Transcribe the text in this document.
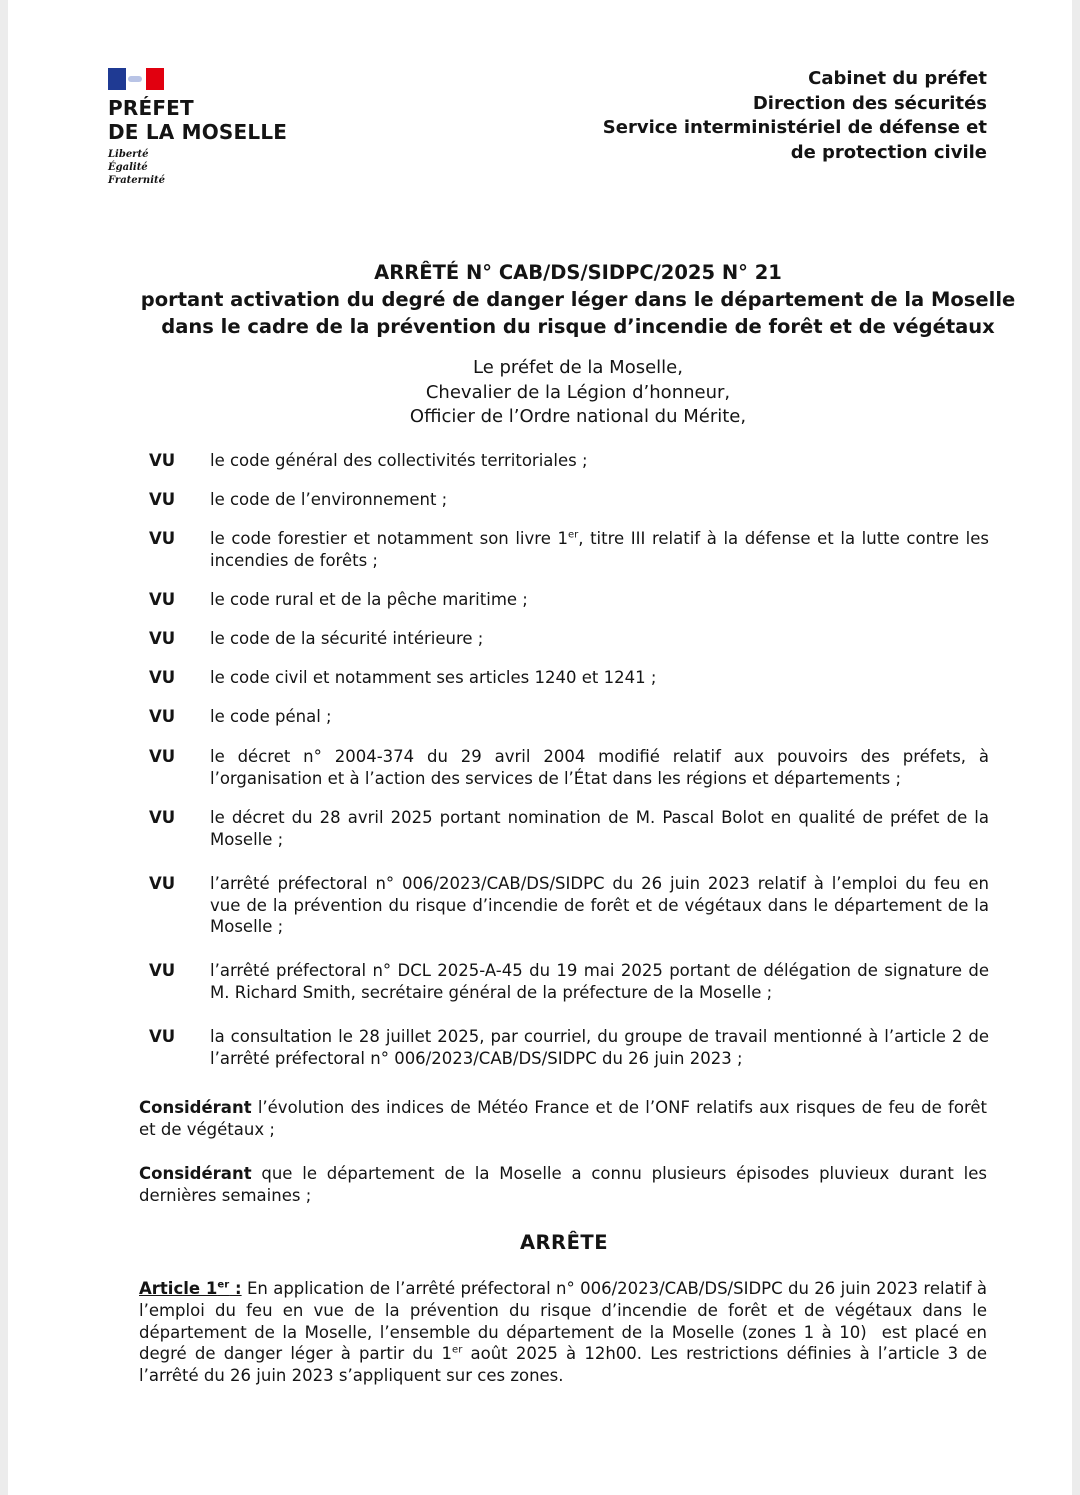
PRÉFET
DE LA MOSELLE
Liberté
Égalité
Fraternité
Cabinet du préfet
Direction des sécurités
Service interministériel de défense et
de protection civile
ARRÊTÉ N° CAB/DS/SIDPC/2025 N° 21
portant activation du degré de danger léger dans le département de la Moselle
dans le cadre de la prévention du risque d’incendie de forêt et de végétaux
Le préfet de la Moselle,
Chevalier de la Légion d’honneur,
Officier de l’Ordre national du Mérite,
VU le code général des collectivités territoriales ;
VU le code de l’environnement ;
VU le code forestier et notamment son livre 1er, titre III relatif à la défense et la lutte contre les incendies de forêts ;
VU le code rural et de la pêche maritime ;
VU le code de la sécurité intérieure ;
VU le code civil et notamment ses articles 1240 et 1241 ;
VU le code pénal ;
VU le décret n° 2004-374 du 29 avril 2004 modifié relatif aux pouvoirs des préfets, à l’organisation et à l’action des services de l’État dans les régions et départements ;
VU le décret du 28 avril 2025 portant nomination de M. Pascal Bolot en qualité de préfet de la Moselle ;
VU l’arrêté préfectoral n° 006/2023/CAB/DS/SIDPC du 26 juin 2023 relatif à l’emploi du feu en vue de la prévention du risque d’incendie de forêt et de végétaux dans le département de la Moselle ;
VU l’arrêté préfectoral n° DCL 2025-A-45 du 19 mai 2025 portant de délégation de signature de M. Richard Smith, secrétaire général de la préfecture de la Moselle ;
VU la consultation le 28 juillet 2025, par courriel, du groupe de travail mentionné à l’article 2 de l’arrêté préfectoral n° 006/2023/CAB/DS/SIDPC du 26 juin 2023 ;
Considérant l’évolution des indices de Météo France et de l’ONF relatifs aux risques de feu de forêt et de végétaux ;
Considérant que le département de la Moselle a connu plusieurs épisodes pluvieux durant les dernières semaines ;
ARRÊTE
Article 1er : En application de l’arrêté préfectoral n° 006/2023/CAB/DS/SIDPC du 26 juin 2023 relatif à l’emploi du feu en vue de la prévention du risque d’incendie de forêt et de végétaux dans le département de la Moselle, l’ensemble du département de la Moselle (zones 1 à 10)  est placé en degré de danger léger à partir du 1er août 2025 à 12h00. Les restrictions définies à l’article 3 de l’arrêté du 26 juin 2023 s’appliquent sur ces zones.
